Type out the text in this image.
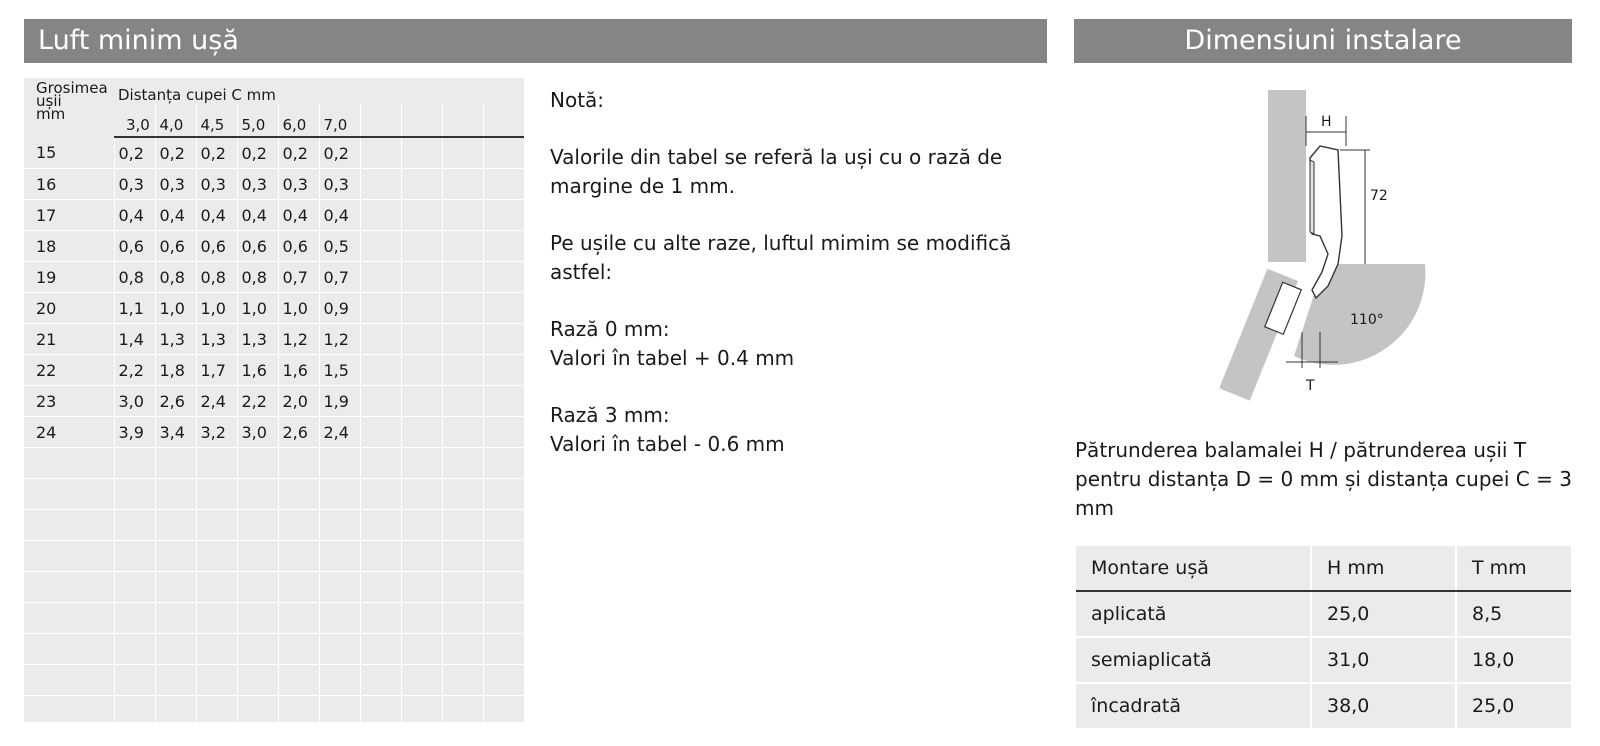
Luft minim ușă	Dimensiuni instalare
Grosimea
ușii
mm	Distanța cupei C mm									
	3,0	4,0	4,5	5,0	6,0	7,0				
15	0,2	0,2	0,2	0,2	0,2	0,2				
16	0,3	0,3	0,3	0,3	0,3	0,3				
17	0,4	0,4	0,4	0,4	0,4	0,4				
18	0,6	0,6	0,6	0,6	0,6	0,5				
19	0,8	0,8	0,8	0,8	0,7	0,7				
20	1,1	1,0	1,0	1,0	1,0	0,9				
21	1,4	1,3	1,3	1,3	1,2	1,2				
22	2,2	1,8	1,7	1,6	1,6	1,5				
23	3,0	2,6	2,4	2,2	2,0	1,9				
24	3,9	3,4	3,2	3,0	2,6	2,4				

Notă:

Valorile din tabel se referă la uși cu o rază de margine de 1 mm.

Pe ușile cu alte raze, luftul mimim se modifică astfel:

Rază 0 mm:
Valori în tabel + 0.4 mm

Rază 3 mm:
Valori în tabel - 0.6 mm

H
72
110°
T
Pătrunderea balamalei H / pătrunderea ușii T pentru distanța D = 0 mm și distanța cupei C = 3 mm
Montare ușă	H mm	T mm
aplicată	25,0	8,5
semiaplicată	31,0	18,0
încadrată	38,0	25,0
